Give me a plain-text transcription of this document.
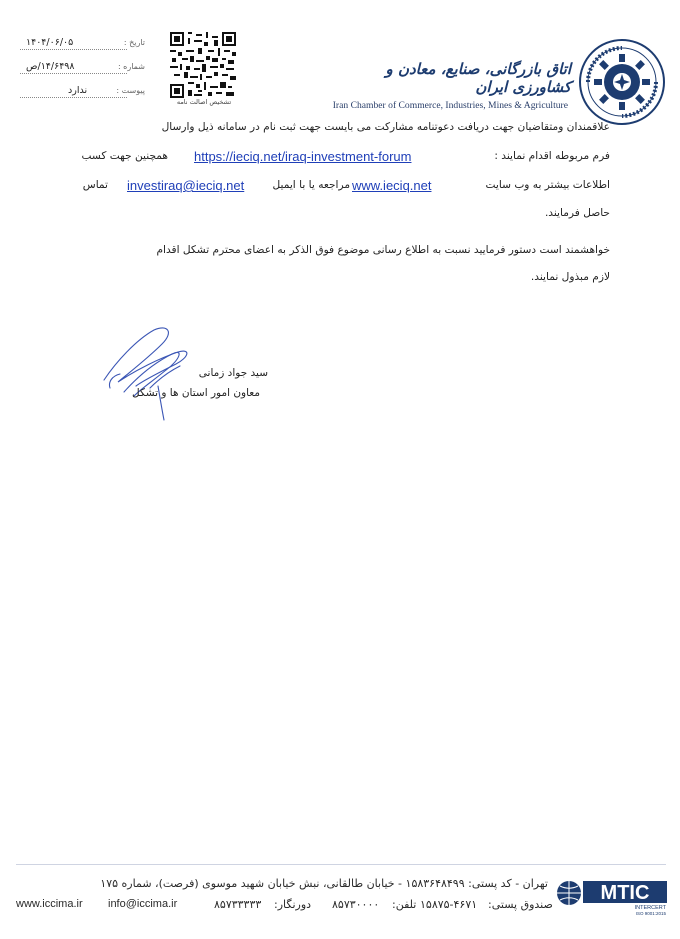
۱۴۰۴/۰۶/۰۵	تاریخ :
۱۴/۶۴۹۸/ص	شماره :
ندارد	پیوست :
تشخیص اصالت نامه
اتاق بازرگانی، صنایع، معادن و کشاورزی ایران
Iran Chamber of Commerce, Industries, Mines & Agriculture
علاقمندان ومتقاضیان جهت دریافت دعوتنامه مشارکت می بایست جهت ثبت نام در سامانه ذیل وارسال
فرم مربوطه اقدام نمایند :
https://ieciq.net/iraq-investment-forum
همچنین جهت کسب
اطلاعات بیشتر به وب سایت
www.ieciq.net
مراجعه یا با ایمیل
investiraq@ieciq.net
تماس
حاصل فرمایند.
خواهشمند است دستور فرمایید نسبت به اطلاع رسانی موضوع فوق الذکر به اعضای محترم تشکل اقدام
لازم مبذول نمایند.
سید جواد زمانی
معاون امور استان ها و تشکل
تهران - کد پستی: ۱۵۸۳۶۴۸۴۹۹ - خیابان طالقانی، نبش خیابان شهید موسوی (فرصت)، شماره ۱۷۵
www.iccima.ir info@iccima.ir	۸۵۷۳۳۳۳۳ دورنگار: ۸۵۷۳۰۰۰۰ تلفن: ۱۵۸۷۵-۴۶۷۱ صندوق پستی:
MTIC
INTERCERT
ISO 9001:2015
